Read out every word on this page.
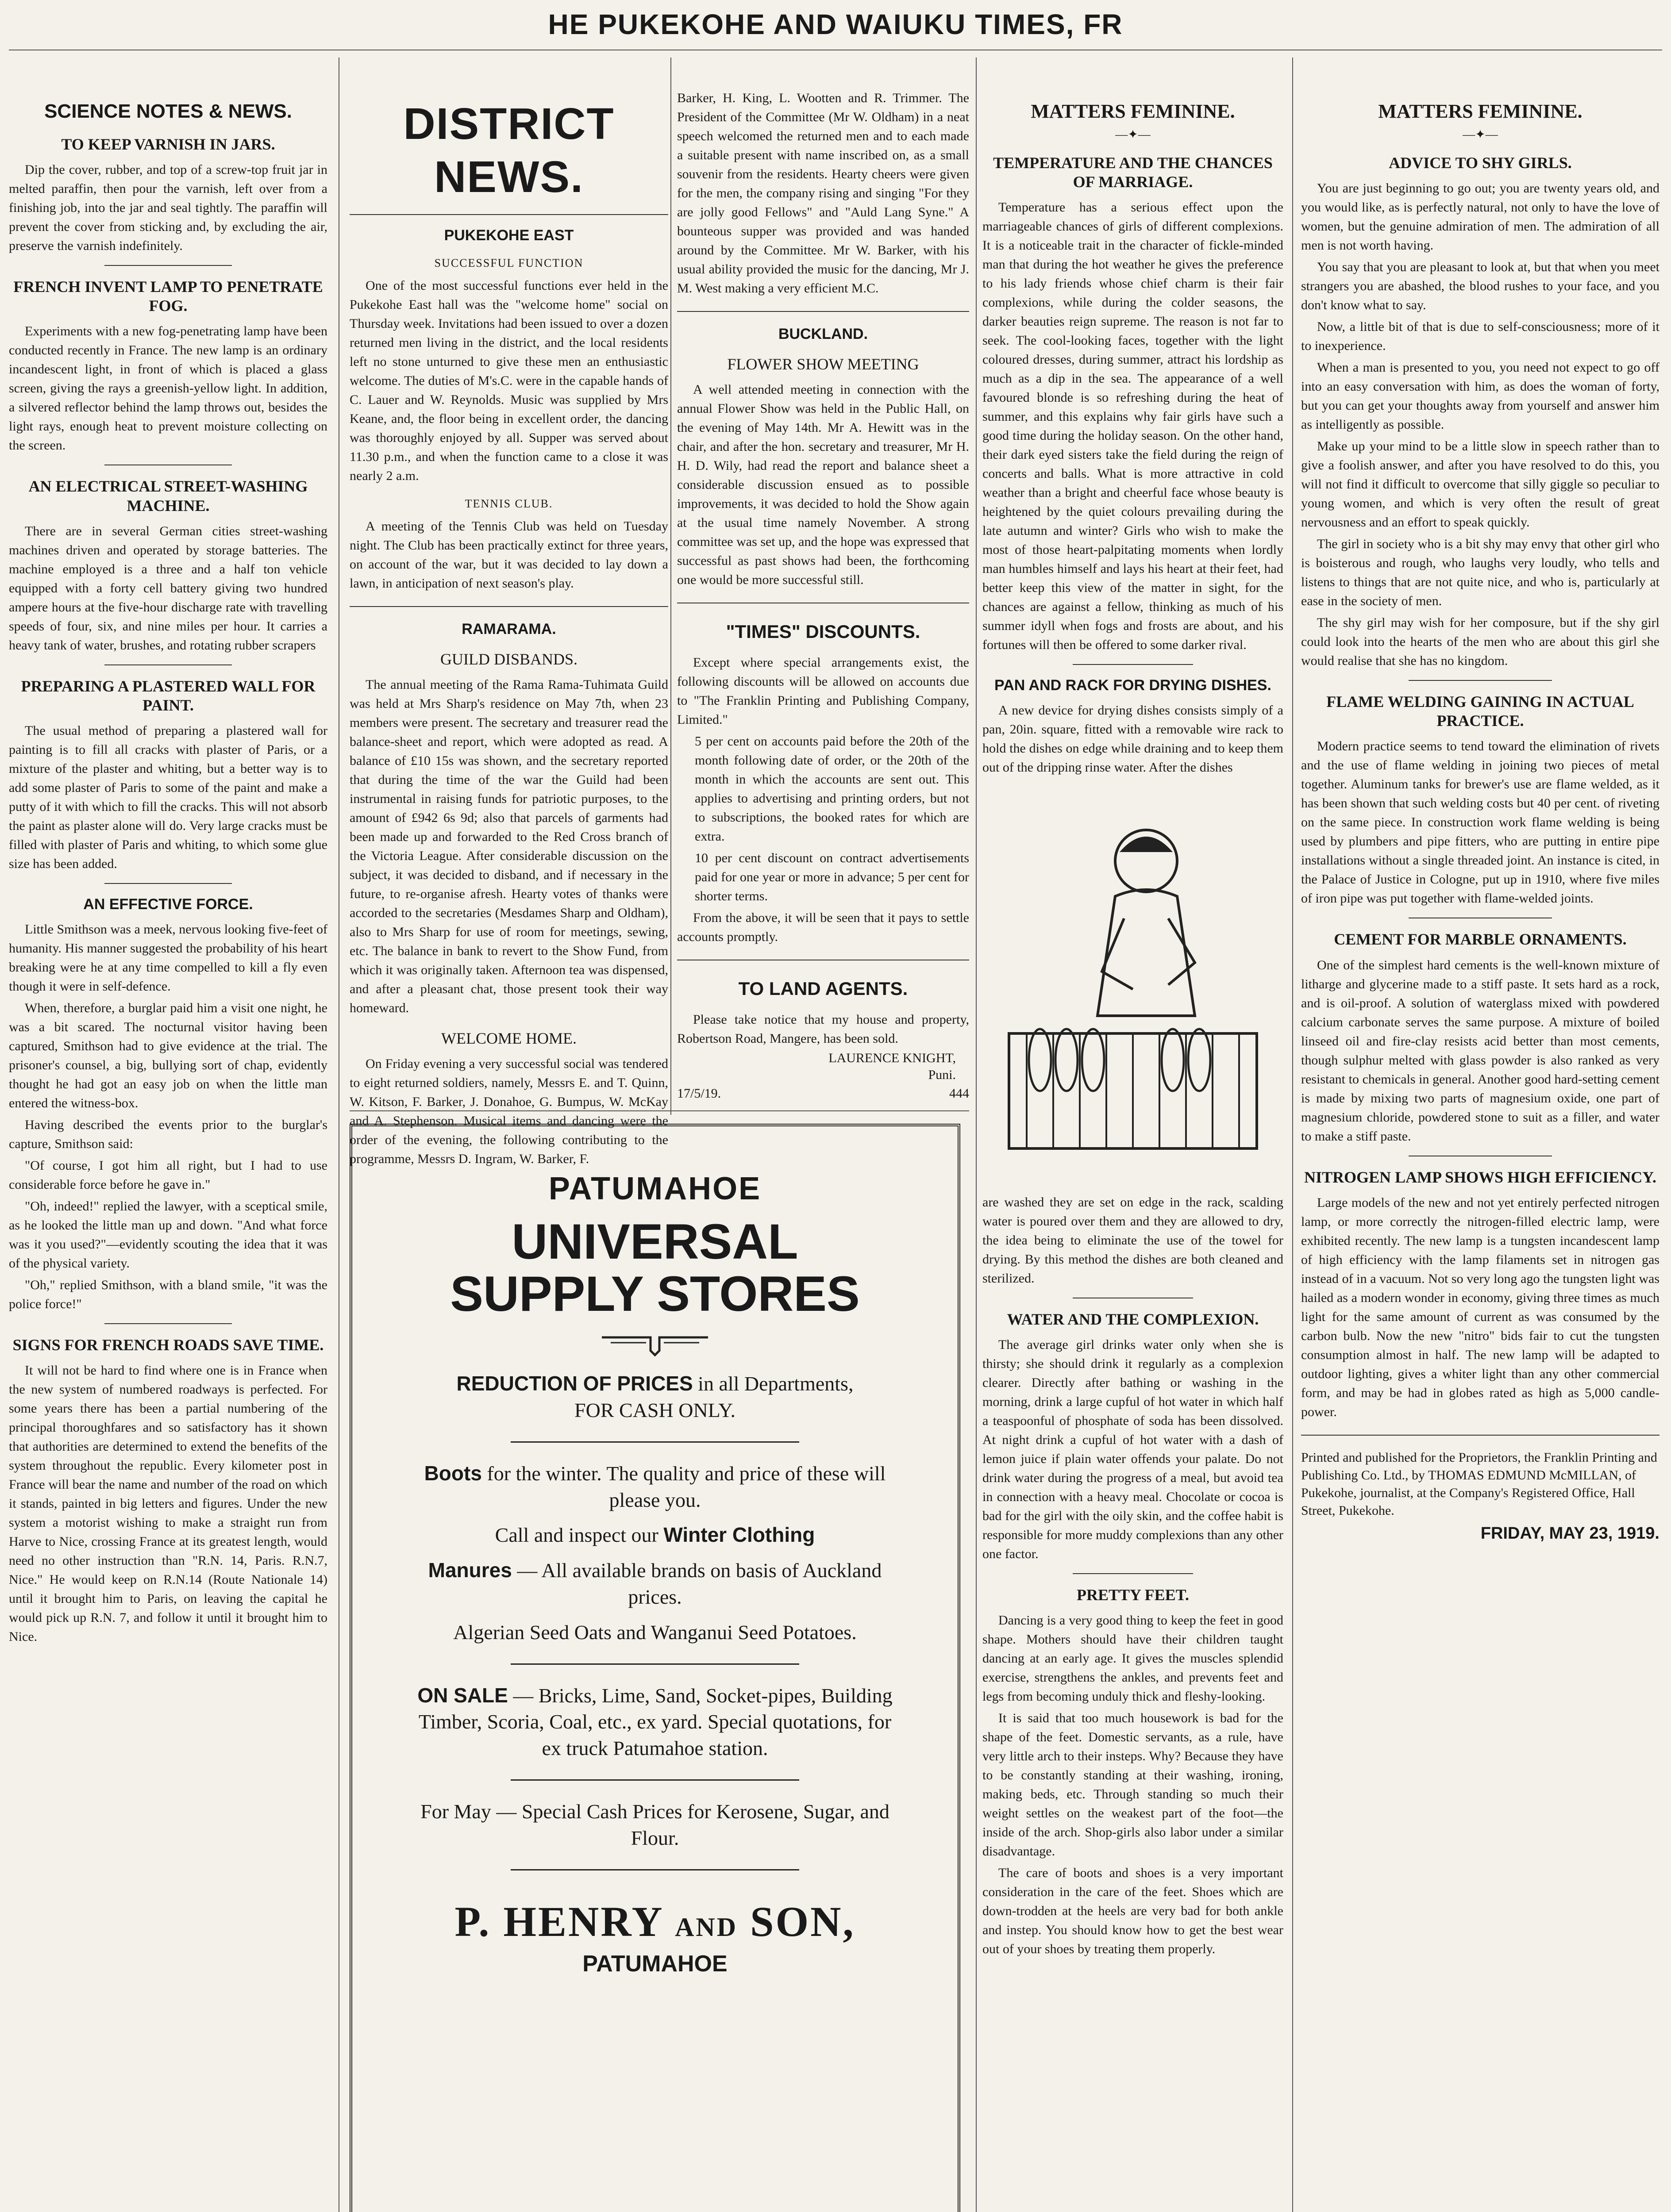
HE PUKEKOHE AND WAIUKU TIMES, FR
SCIENCE NOTES & NEWS.
TO KEEP VARNISH IN JARS.

Dip the cover, rubber, and top of a screw-top fruit jar in melted paraffin, then pour the varnish, left over from a finishing job, into the jar and seal tightly. The paraffin will prevent the cover from sticking and, by excluding the air, preserve the varnish indefinitely.

FRENCH INVENT LAMP TO PENETRATE FOG.

Experiments with a new fog-penetrating lamp have been conducted recently in France. The new lamp is an ordinary incandescent light, in front of which is placed a glass screen, giving the rays a greenish-yellow light. In addition, a silvered reflector behind the lamp throws out, besides the light rays, enough heat to prevent moisture collecting on the screen.

AN ELECTRICAL STREET-WASHING MACHINE.

There are in several German cities street-washing machines driven and operated by storage batteries. The machine employed is a three and a half ton vehicle equipped with a forty cell battery giving two hundred ampere hours at the five-hour discharge rate with travelling speeds of four, six, and nine miles per hour. It carries a heavy tank of water, brushes, and rotating rubber scrapers

PREPARING A PLASTERED WALL FOR PAINT.

The usual method of preparing a plastered wall for painting is to fill all cracks with plaster of Paris, or a mixture of the plaster and whiting, but a better way is to add some plaster of Paris to some of the paint and make a putty of it with which to fill the cracks. This will not absorb the paint as plaster alone will do. Very large cracks must be filled with plaster of Paris and whiting, to which some glue size has been added.

AN EFFECTIVE FORCE.

Little Smithson was a meek, nervous looking five-feet of humanity. His manner suggested the probability of his heart breaking were he at any time compelled to kill a fly even though it were in self-defence.

When, therefore, a burglar paid him a visit one night, he was a bit scared. The nocturnal visitor having been captured, Smithson had to give evidence at the trial. The prisoner's counsel, a big, bullying sort of chap, evidently thought he had got an easy job on when the little man entered the witness-box.

Having described the events prior to the burglar's capture, Smithson said:

"Of course, I got him all right, but I had to use considerable force before he gave in."

"Oh, indeed!" replied the lawyer, with a sceptical smile, as he looked the little man up and down. "And what force was it you used?"—evidently scouting the idea that it was of the physical variety.

"Oh," replied Smithson, with a bland smile, "it was the police force!"

SIGNS FOR FRENCH ROADS SAVE TIME.

It will not be hard to find where one is in France when the new system of numbered roadways is perfected. For some years there has been a partial numbering of the principal thoroughfares and so satisfactory has it shown that authorities are determined to extend the benefits of the system throughout the republic. Every kilometer post in France will bear the name and number of the road on which it stands, painted in big letters and figures. Under the new system a motorist wishing to make a straight run from Harve to Nice, crossing France at its greatest length, would need no other instruction than "R.N. 14, Paris. R.N.7, Nice." He would keep on R.N.14 (Route Nationale 14) until it brought him to Paris, on leaving the capital he would pick up R.N. 7, and follow it until it brought him to Nice.

DISTRICT NEWS.
PUKEKOHE EAST
SUCCESSFUL FUNCTION

One of the most successful functions ever held in the Pukekohe East hall was the "welcome home" social on Thursday week. Invitations had been issued to over a dozen returned men living in the district, and the local residents left no stone unturned to give these men an enthusiastic welcome. The duties of M's.C. were in the capable hands of C. Lauer and W. Reynolds. Music was supplied by Mrs Keane, and, the floor being in excellent order, the dancing was thoroughly enjoyed by all. Supper was served about 11.30 p.m., and when the function came to a close it was nearly 2 a.m.

TENNIS CLUB.

A meeting of the Tennis Club was held on Tuesday night. The Club has been practically extinct for three years, on account of the war, but it was decided to lay down a lawn, in anticipation of next season's play.

RAMARAMA.
GUILD DISBANDS.

The annual meeting of the Rama Rama-Tuhimata Guild was held at Mrs Sharp's residence on May 7th, when 23 members were present. The secretary and treasurer read the balance-sheet and report, which were adopted as read. A balance of £10 15s was shown, and the secretary reported that during the time of the war the Guild had been instrumental in raising funds for patriotic purposes, to the amount of £942 6s 9d; also that parcels of garments had been made up and forwarded to the Red Cross branch of the Victoria League. After considerable discussion on the subject, it was decided to disband, and if necessary in the future, to re-organise afresh. Hearty votes of thanks were accorded to the secretaries (Mesdames Sharp and Oldham), also to Mrs Sharp for use of room for meetings, sewing, etc. The balance in bank to revert to the Show Fund, from which it was originally taken. Afternoon tea was dispensed, and after a pleasant chat, those present took their way homeward.

WELCOME HOME.

On Friday evening a very successful social was tendered to eight returned soldiers, namely, Messrs E. and T. Quinn, W. Kitson, F. Barker, J. Donahoe, G. Bumpus, W. McKay and A. Stephenson. Musical items and dancing were the order of the evening, the following contributing to the programme, Messrs D. Ingram, W. Barker, F.

Barker, H. King, L. Wootten and R. Trimmer. The President of the Committee (Mr W. Oldham) in a neat speech welcomed the returned men and to each made a suitable present with name inscribed on, as a small souvenir from the residents. Hearty cheers were given for the men, the company rising and singing "For they are jolly good Fellows" and "Auld Lang Syne." A bounteous supper was provided and was handed around by the Committee. Mr W. Barker, with his usual ability provided the music for the dancing, Mr J. M. West making a very efficient M.C.

BUCKLAND.
FLOWER SHOW MEETING

A well attended meeting in connection with the annual Flower Show was held in the Public Hall, on the evening of May 14th. Mr A. Hewitt was in the chair, and after the hon. secretary and treasurer, Mr H. H. D. Wily, had read the report and balance sheet a considerable discussion ensued as to possible improvements, it was decided to hold the Show again at the usual time namely November. A strong committee was set up, and the hope was expressed that successful as past shows had been, the forthcoming one would be more successful still.

"TIMES" DISCOUNTS.

Except where special arrangements exist, the following discounts will be allowed on accounts due to "The Franklin Printing and Publishing Company, Limited."

5 per cent on accounts paid before the 20th of the month following date of order, or the 20th of the month in which the accounts are sent out. This applies to advertising and printing orders, but not to subscriptions, the booked rates for which are extra.

10 per cent discount on contract advertisements paid for one year or more in advance; 5 per cent for shorter terms.

From the above, it will be seen that it pays to settle accounts promptly.

TO LAND AGENTS.

Please take notice that my house and property, Robertson Road, Mangere, has been sold.

LAURENCE KNIGHT,
Puni.
17/5/19.	444
PATUMAHOE
UNIVERSAL SUPPLY STORES
REDUCTION OF PRICES in all Departments,
FOR CASH ONLY.
Boots for the winter. The quality and price of these will please you.
Call and inspect our Winter Clothing
Manures — All available brands on basis of Auckland prices.
Algerian Seed Oats and Wanganui Seed Potatoes.
ON SALE — Bricks, Lime, Sand, Socket-pipes, Building Timber, Scoria, Coal, etc., ex yard. Special quotations, for ex truck Patumahoe station.
For May — Special Cash Prices for Kerosene, Sugar, and Flour.
P. HENRY AND SON,
PATUMAHOE
MATTERS FEMININE.
—✦—
TEMPERATURE AND THE CHANCES OF MARRIAGE.

Temperature has a serious effect upon the marriageable chances of girls of different complexions. It is a noticeable trait in the character of fickle-minded man that during the hot weather he gives the preference to his lady friends whose chief charm is their fair complexions, while during the colder seasons, the darker beauties reign supreme. The reason is not far to seek. The cool-looking faces, together with the light coloured dresses, during summer, attract his lordship as much as a dip in the sea. The appearance of a well favoured blonde is so refreshing during the heat of summer, and this explains why fair girls have such a good time during the holiday season. On the other hand, their dark eyed sisters take the field during the reign of concerts and balls. What is more attractive in cold weather than a bright and cheerful face whose beauty is heightened by the quiet colours prevailing during the late autumn and winter? Girls who wish to make the most of those heart-palpitating moments when lordly man humbles himself and lays his heart at their feet, had better keep this view of the matter in sight, for the chances are against a fellow, thinking as much of his summer idyll when fogs and frosts are about, and his fortunes will then be offered to some darker rival.

PAN AND RACK FOR DRYING DISHES.

A new device for drying dishes consists simply of a pan, 20in. square, fitted with a removable wire rack to hold the dishes on edge while draining and to keep them out of the dripping rinse water. After the dishes

are washed they are set on edge in the rack, scalding water is poured over them and they are allowed to dry, the idea being to eliminate the use of the towel for drying. By this method the dishes are both cleaned and sterilized.

WATER AND THE COMPLEXION.

The average girl drinks water only when she is thirsty; she should drink it regularly as a complexion clearer. Directly after bathing or washing in the morning, drink a large cupful of hot water in which half a teaspoonful of phosphate of soda has been dissolved. At night drink a cupful of hot water with a dash of lemon juice if plain water offends your palate. Do not drink water during the progress of a meal, but avoid tea in connection with a heavy meal. Chocolate or cocoa is bad for the girl with the oily skin, and the coffee habit is responsible for more muddy complexions than any other one factor.

PRETTY FEET.

Dancing is a very good thing to keep the feet in good shape. Mothers should have their children taught dancing at an early age. It gives the muscles splendid exercise, strengthens the ankles, and prevents feet and legs from becoming unduly thick and fleshy-looking.

It is said that too much housework is bad for the shape of the feet. Domestic servants, as a rule, have very little arch to their insteps. Why? Because they have to be constantly standing at their washing, ironing, making beds, etc. Through standing so much their weight settles on the weakest part of the foot—the inside of the arch. Shop-girls also labor under a similar disadvantage.

The care of boots and shoes is a very important consideration in the care of the feet. Shoes which are down-trodden at the heels are very bad for both ankle and instep. You should know how to get the best wear out of your shoes by treating them properly.

MATTERS FEMININE.
—✦—
ADVICE TO SHY GIRLS.

You are just beginning to go out; you are twenty years old, and you would like, as is perfectly natural, not only to have the love of women, but the genuine admiration of men. The admiration of all men is not worth having.

You say that you are pleasant to look at, but that when you meet strangers you are abashed, the blood rushes to your face, and you don't know what to say.

Now, a little bit of that is due to self-consciousness; more of it to inexperience.

When a man is presented to you, you need not expect to go off into an easy conversation with him, as does the woman of forty, but you can get your thoughts away from yourself and answer him as intelligently as possible.

Make up your mind to be a little slow in speech rather than to give a foolish answer, and after you have resolved to do this, you will not find it difficult to overcome that silly giggle so peculiar to young women, and which is very often the result of great nervousness and an effort to speak quickly.

The girl in society who is a bit shy may envy that other girl who is boisterous and rough, who laughs very loudly, who tells and listens to things that are not quite nice, and who is, particularly at ease in the society of men.

The shy girl may wish for her composure, but if the shy girl could look into the hearts of the men who are about this girl she would realise that she has no kingdom.

FLAME WELDING GAINING IN ACTUAL PRACTICE.

Modern practice seems to tend toward the elimination of rivets and the use of flame welding in joining two pieces of metal together. Aluminum tanks for brewer's use are flame welded, as it has been shown that such welding costs but 40 per cent. of riveting on the same piece. In construction work flame welding is being used by plumbers and pipe fitters, who are putting in entire pipe installations without a single threaded joint. An instance is cited, in the Palace of Justice in Cologne, put up in 1910, where five miles of iron pipe was put together with flame-welded joints.

CEMENT FOR MARBLE ORNAMENTS.

One of the simplest hard cements is the well-known mixture of litharge and glycerine made to a stiff paste. It sets hard as a rock, and is oil-proof. A solution of waterglass mixed with powdered calcium carbonate serves the same purpose. A mixture of boiled linseed oil and fire-clay resists acid better than most cements, though sulphur melted with glass powder is also ranked as very resistant to chemicals in general. Another good hard-setting cement is made by mixing two parts of magnesium oxide, one part of magnesium chloride, powdered stone to suit as a filler, and water to make a stiff paste.

NITROGEN LAMP SHOWS HIGH EFFICIENCY.

Large models of the new and not yet entirely perfected nitrogen lamp, or more correctly the nitrogen-filled electric lamp, were exhibited recently. The new lamp is a tungsten incandescent lamp of high efficiency with the lamp filaments set in nitrogen gas instead of in a vacuum. Not so very long ago the tungsten light was hailed as a modern wonder in economy, giving three times as much light for the same amount of current as was consumed by the carbon bulb. Now the new "nitro" bids fair to cut the tungsten consumption almost in half. The new lamp will be adapted to outdoor lighting, gives a whiter light than any other commercial form, and may be had in globes rated as high as 5,000 candle-power.

Printed and published for the Proprietors, the Franklin Printing and Publishing Co. Ltd., by THOMAS EDMUND McMILLAN, of Pukekohe, journalist, at the Company's Registered Office, Hall Street, Pukekohe.
FRIDAY, MAY 23, 1919.
